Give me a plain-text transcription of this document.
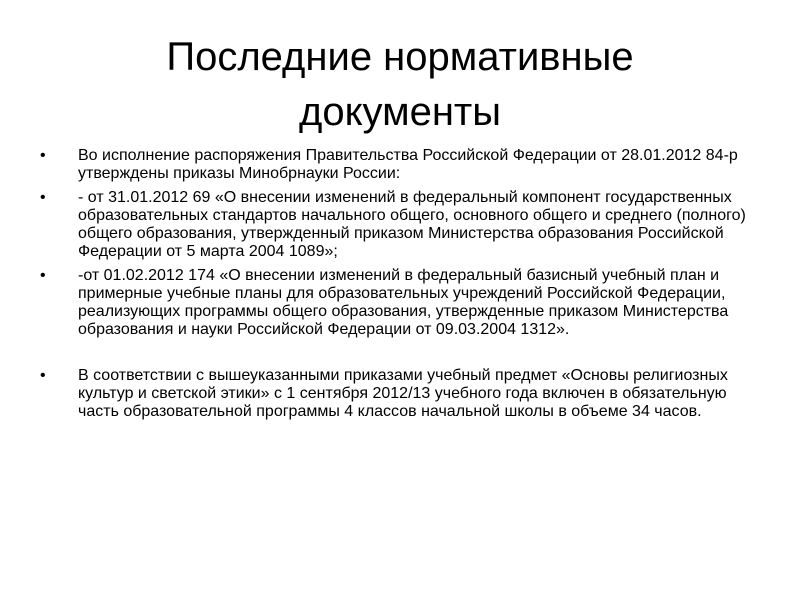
Последние нормативные
документы
• Во исполнение распоряжения Правительства Российской Федерации от 28.01.2012 84-р утверждены приказы Минобрнауки России:
• - от 31.01.2012 69 «О внесении изменений в федеральный компонент государственных образовательных стандартов начального общего, основного общего и среднего (полного) общего образования, утвержденный приказом Министерства образования Российской Федерации от 5 марта 2004 1089»;
• -от 01.02.2012 174 «О внесении изменений в федеральный базисный учебный план и примерные учебные планы для образовательных учреждений Российской Федерации, реализующих программы общего образования, утвержденные приказом Министерства образования и науки Российской Федерации от 09.03.2004 1312».
• В соответствии с вышеуказанными приказами учебный предмет «Основы религиозных культур и светской этики» с 1 сентября 2012/13 учебного года включен в обязательную часть образовательной программы 4 классов начальной школы в объеме 34 часов.
